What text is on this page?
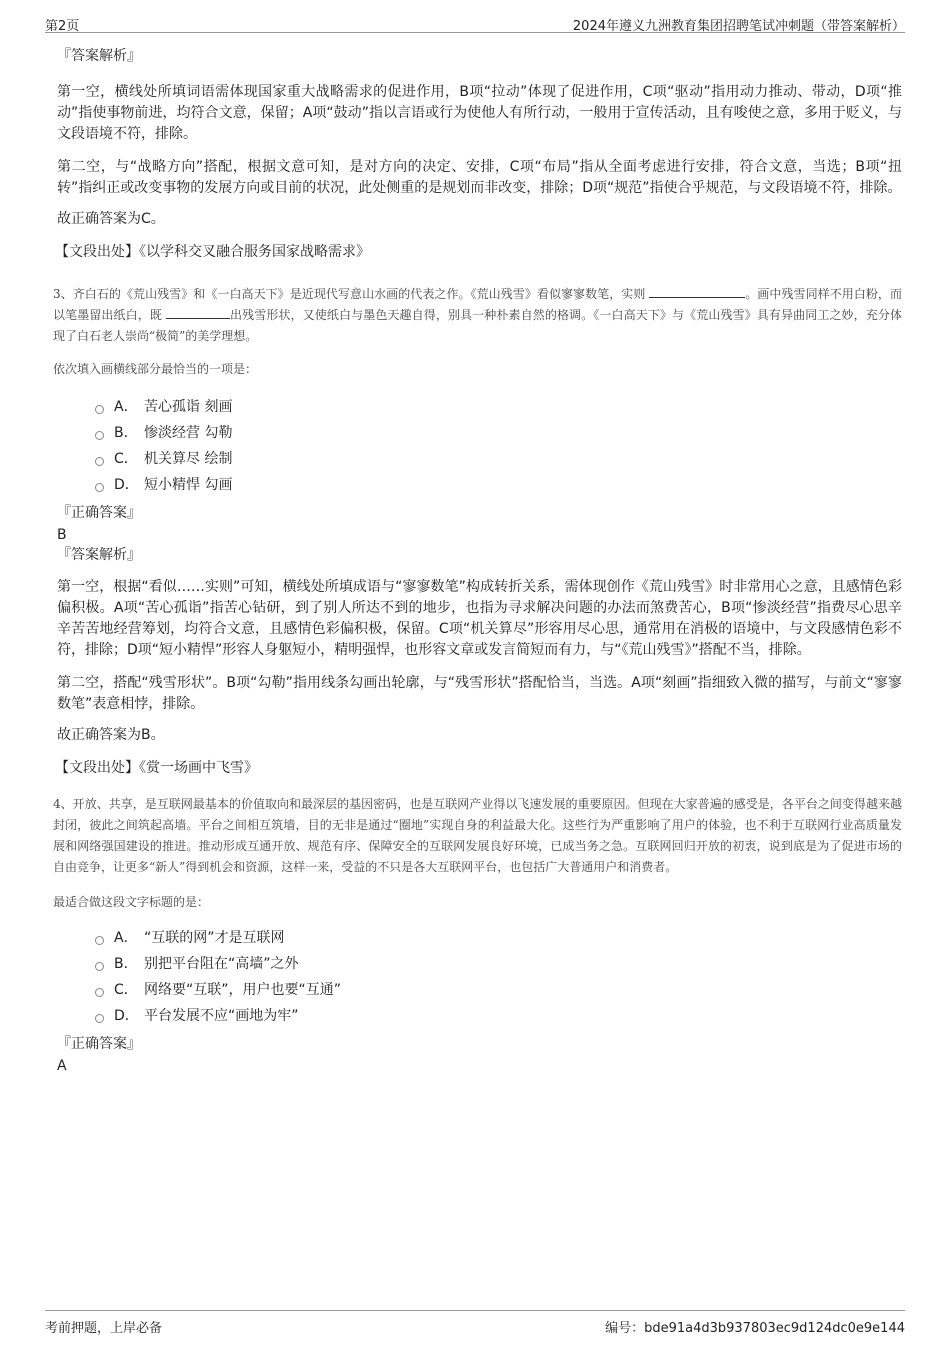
第2页	2024年遵义九洲教育集团招聘笔试冲刺题（带答案解析）
『答案解析』

第一空，横线处所填词语需体现国家重大战略需求的促进作用，B项“拉动”体现了促进作用，C项“驱动”指用动力推动、带动，D项“推动”指使事物前进，均符合文意，保留；A项“鼓动”指以言语或行为使他人有所行动，一般用于宣传活动，且有唆使之意，多用于贬义，与文段语境不符，排除。

第二空，与“战略方向”搭配，根据文意可知，是对方向的决定、安排，C项“布局”指从全面考虑进行安排，符合文意，当选；B项“扭转”指纠正或改变事物的发展方向或目前的状况，此处侧重的是规划而非改变，排除；D项“规范”指使合乎规范，与文段语境不符，排除。

故正确答案为C。

【文段出处】《以学科交叉融合服务国家战略需求》

3、齐白石的《荒山残雪》和《一白高天下》是近现代写意山水画的代表之作。《荒山残雪》看似寥寥数笔，实则	。画中残雪同样不用白粉，而以笔墨留出纸白，既	出残雪形状，又使纸白与墨色天趣自得，别具一种朴素自然的格调。《一白高天下》与《荒山残雪》具有异曲同工之妙，充分体现了白石老人崇尚“极简”的美学理想。

依次填入画横线部分最恰当的一项是：

A． 苦心孤诣 刻画
B． 惨淡经营 勾勒
C． 机关算尽 绘制
D． 短小精悍 勾画
『正确答案』
B
『答案解析』

第一空，根据“看似……实则”可知，横线处所填成语与“寥寥数笔”构成转折关系，需体现创作《荒山残雪》时非常用心之意，且感情色彩偏积极。A项“苦心孤诣”指苦心钻研，到了别人所达不到的地步，也指为寻求解决问题的办法而煞费苦心，B项“惨淡经营”指费尽心思辛辛苦苦地经营筹划，均符合文意，且感情色彩偏积极，保留。C项“机关算尽”形容用尽心思，通常用在消极的语境中，与文段感情色彩不符，排除；D项“短小精悍”形容人身躯短小，精明强悍，也形容文章或发言简短而有力，与“《荒山残雪》”搭配不当，排除。

第二空，搭配“残雪形状”。B项“勾勒”指用线条勾画出轮廓，与“残雪形状”搭配恰当，当选。A项“刻画”指细致入微的描写，与前文“寥寥数笔”表意相悖，排除。

故正确答案为B。

【文段出处】《赏一场画中飞雪》

4、开放、共享，是互联网最基本的价值取向和最深层的基因密码，也是互联网产业得以飞速发展的重要原因。但现在大家普遍的感受是，各平台之间变得越来越封闭，彼此之间筑起高墙。平台之间相互筑墙，目的无非是通过“圈地”实现自身的利益最大化。这些行为严重影响了用户的体验，也不利于互联网行业高质量发展和网络强国建设的推进。推动形成互通开放、规范有序、保障安全的互联网发展良好环境，已成当务之急。互联网回归开放的初衷，说到底是为了促进市场的自由竞争，让更多“新人”得到机会和资源，这样一来，受益的不只是各大互联网平台，也包括广大普通用户和消费者。

最适合做这段文字标题的是：

A． “互联的网”才是互联网
B． 别把平台阻在“高墙”之外
C． 网络要“互联”，用户也要“互通”
D． 平台发展不应“画地为牢”
『正确答案』
A
考前押题，上岸必备	编号：bde91a4d3b937803ec9d124dc0e9e144
